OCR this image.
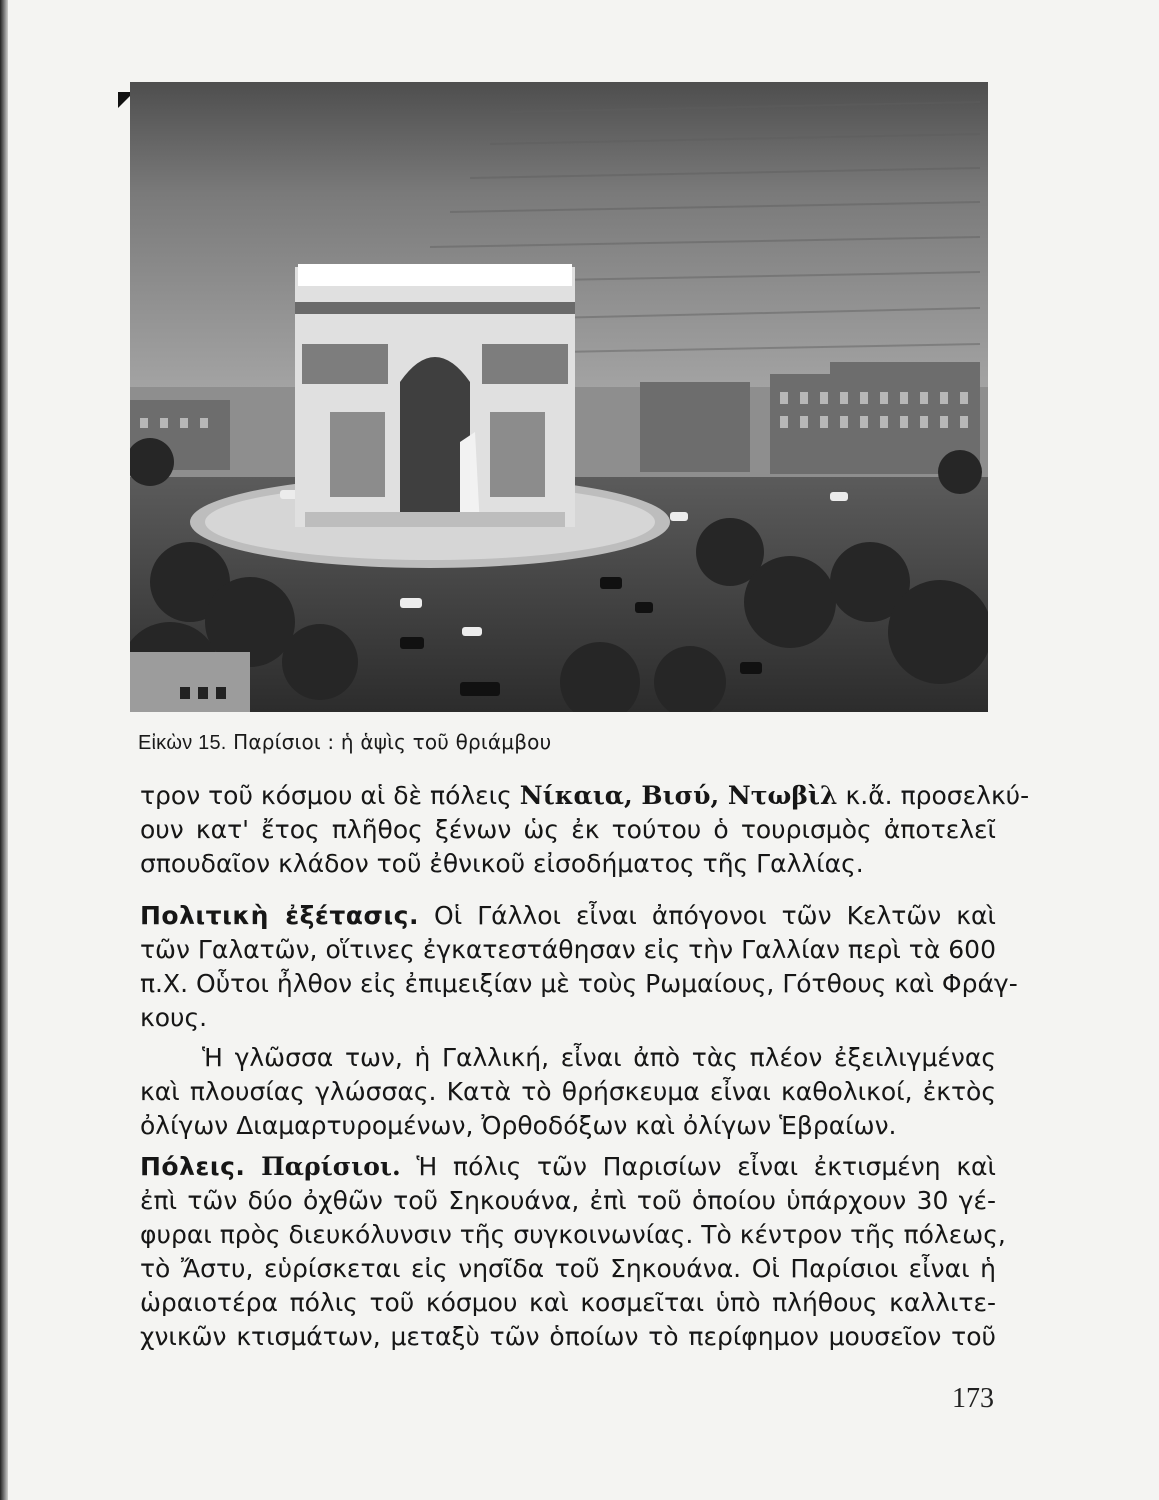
Εἰκὼν 15. Παρίσιοι : ἡ ἁψὶς τοῦ θριάμβου
τρον τοῦ κόσμου αἱ δὲ πόλεις Νίκαια, Βισύ, Ντωβὶλ κ.ἄ. προσελκύ-
ουν κατ' ἔτος πλῆθος ξένων ὡς ἐκ τούτου ὁ τουρισμὸς ἀποτελεῖ
σπουδαῖον κλάδον τοῦ ἐθνικοῦ εἰσοδήματος τῆς Γαλλίας.
Πολιτικὴ ἐξέτασις. Οἱ Γάλλοι εἶναι ἀπόγονοι τῶν Κελτῶν καὶ
τῶν Γαλατῶν, οἵτινες ἐγκατεστάθησαν εἰς τὴν Γαλλίαν περὶ τὰ 600
π.Χ. Οὗτοι ἦλθον εἰς ἐπιμειξίαν μὲ τοὺς Ρωμαίους, Γότθους καὶ Φράγ-
κους.
Ἡ γλῶσσα των, ἡ Γαλλική, εἶναι ἀπὸ τὰς πλέον ἐξειλιγμένας
καὶ πλουσίας γλώσσας. Κατὰ τὸ θρήσκευμα εἶναι καθολικοί, ἐκτὸς
ὀλίγων Διαμαρτυρομένων, Ὀρθοδόξων καὶ ὀλίγων Ἑβραίων.
Πόλεις. Παρίσιοι. Ἡ πόλις τῶν Παρισίων εἶναι ἐκτισμένη καὶ
ἐπὶ τῶν δύο ὀχθῶν τοῦ Σηκουάνα, ἐπὶ τοῦ ὁποίου ὑπάρχουν 30 γέ-
φυραι πρὸς διευκόλυνσιν τῆς συγκοινωνίας. Τὸ κέντρον τῆς πόλεως,
τὸ Ἄστυ, εὑρίσκεται εἰς νησῖδα τοῦ Σηκουάνα. Οἱ Παρίσιοι εἶναι ἡ
ὡραιοτέρα πόλις τοῦ κόσμου καὶ κοσμεῖται ὑπὸ πλήθους καλλιτε-
χνικῶν κτισμάτων, μεταξὺ τῶν ὁποίων τὸ περίφημον μουσεῖον τοῦ
173
